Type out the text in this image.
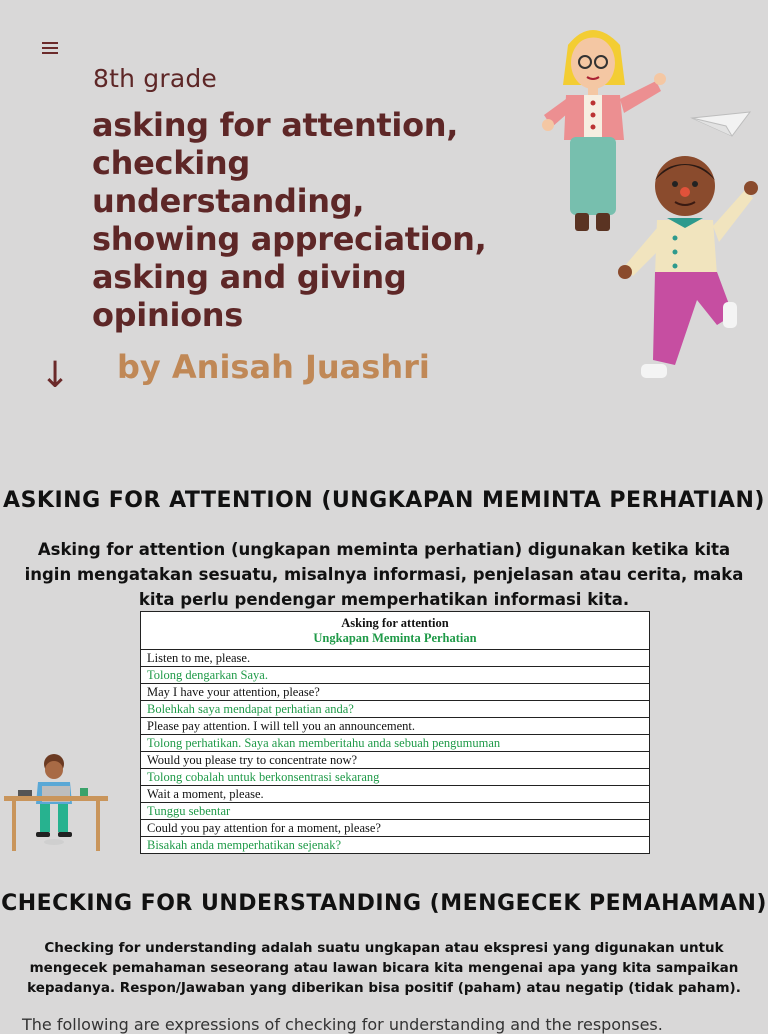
8th grade
asking for attention, checking understanding, showing appreciation, asking and giving opinions
↓ by Anisah Juashri
ASKING FOR ATTENTION (UNGKAPAN MEMINTA PERHATIAN)

Asking for attention (ungkapan meminta perhatian) digunakan ketika kita ingin mengatakan sesuatu, misalnya informasi, penjelasan atau cerita, maka kita perlu pendengar memperhatikan informasi kita.

Asking for attention
Ungkapan Meminta Perhatian

Listen to me, please.
Tolong dengarkan Saya.
May I have your attention, please?
Bolehkah saya mendapat perhatian anda?
Please pay attention. I will tell you an announcement.
Tolong perhatikan. Saya akan memberitahu anda sebuah pengumuman
Would you please try to concentrate now?
Tolong cobalah untuk berkonsentrasi sekarang
Wait a moment, please.
Tunggu sebentar
Could you pay attention for a moment, please?
Bisakah anda memperhatikan sejenak?
CHECKING FOR UNDERSTANDING (MENGECEK PEMAHAMAN)

Checking for understanding adalah suatu ungkapan atau ekspresi yang digunakan untuk mengecek pemahaman seseorang atau lawan bicara kita mengenai apa yang kita sampaikan kepadanya. Respon/Jawaban yang diberikan bisa positif (paham) atau negatip (tidak paham).

The following are expressions of checking for understanding and the responses.
